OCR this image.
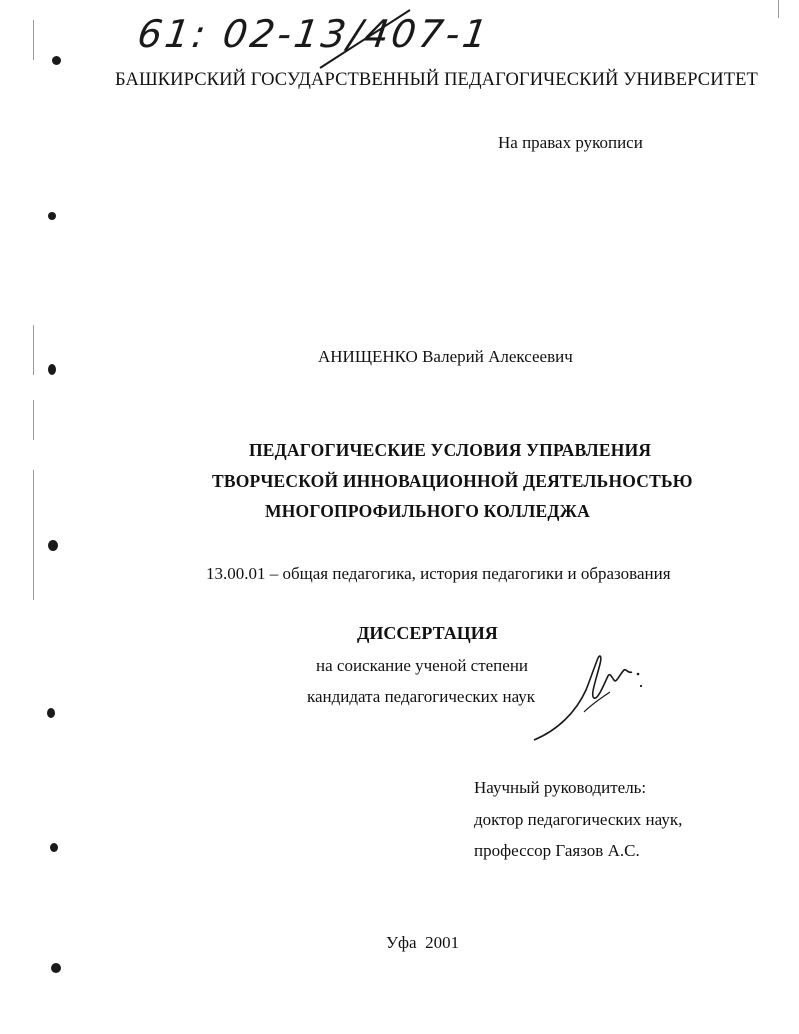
61: 02-13/407-1
БАШКИРСКИЙ ГОСУДАРСТВЕННЫЙ ПЕДАГОГИЧЕСКИЙ УНИВЕРСИТЕТ
На правах рукописи
АНИЩЕНКО Валерий Алексеевич
ПЕДАГОГИЧЕСКИЕ УСЛОВИЯ УПРАВЛЕНИЯ
ТВОРЧЕСКОЙ ИННОВАЦИОННОЙ ДЕЯТЕЛЬНОСТЬЮ
МНОГОПРОФИЛЬНОГО КОЛЛЕДЖА
13.00.01 – общая педагогика, история педагогики и образования
ДИССЕРТАЦИЯ
на соискание ученой степени
кандидата педагогических наук
Научный руководитель:
доктор педагогических наук,
профессор Гаязов А.С.
Уфа  2001
